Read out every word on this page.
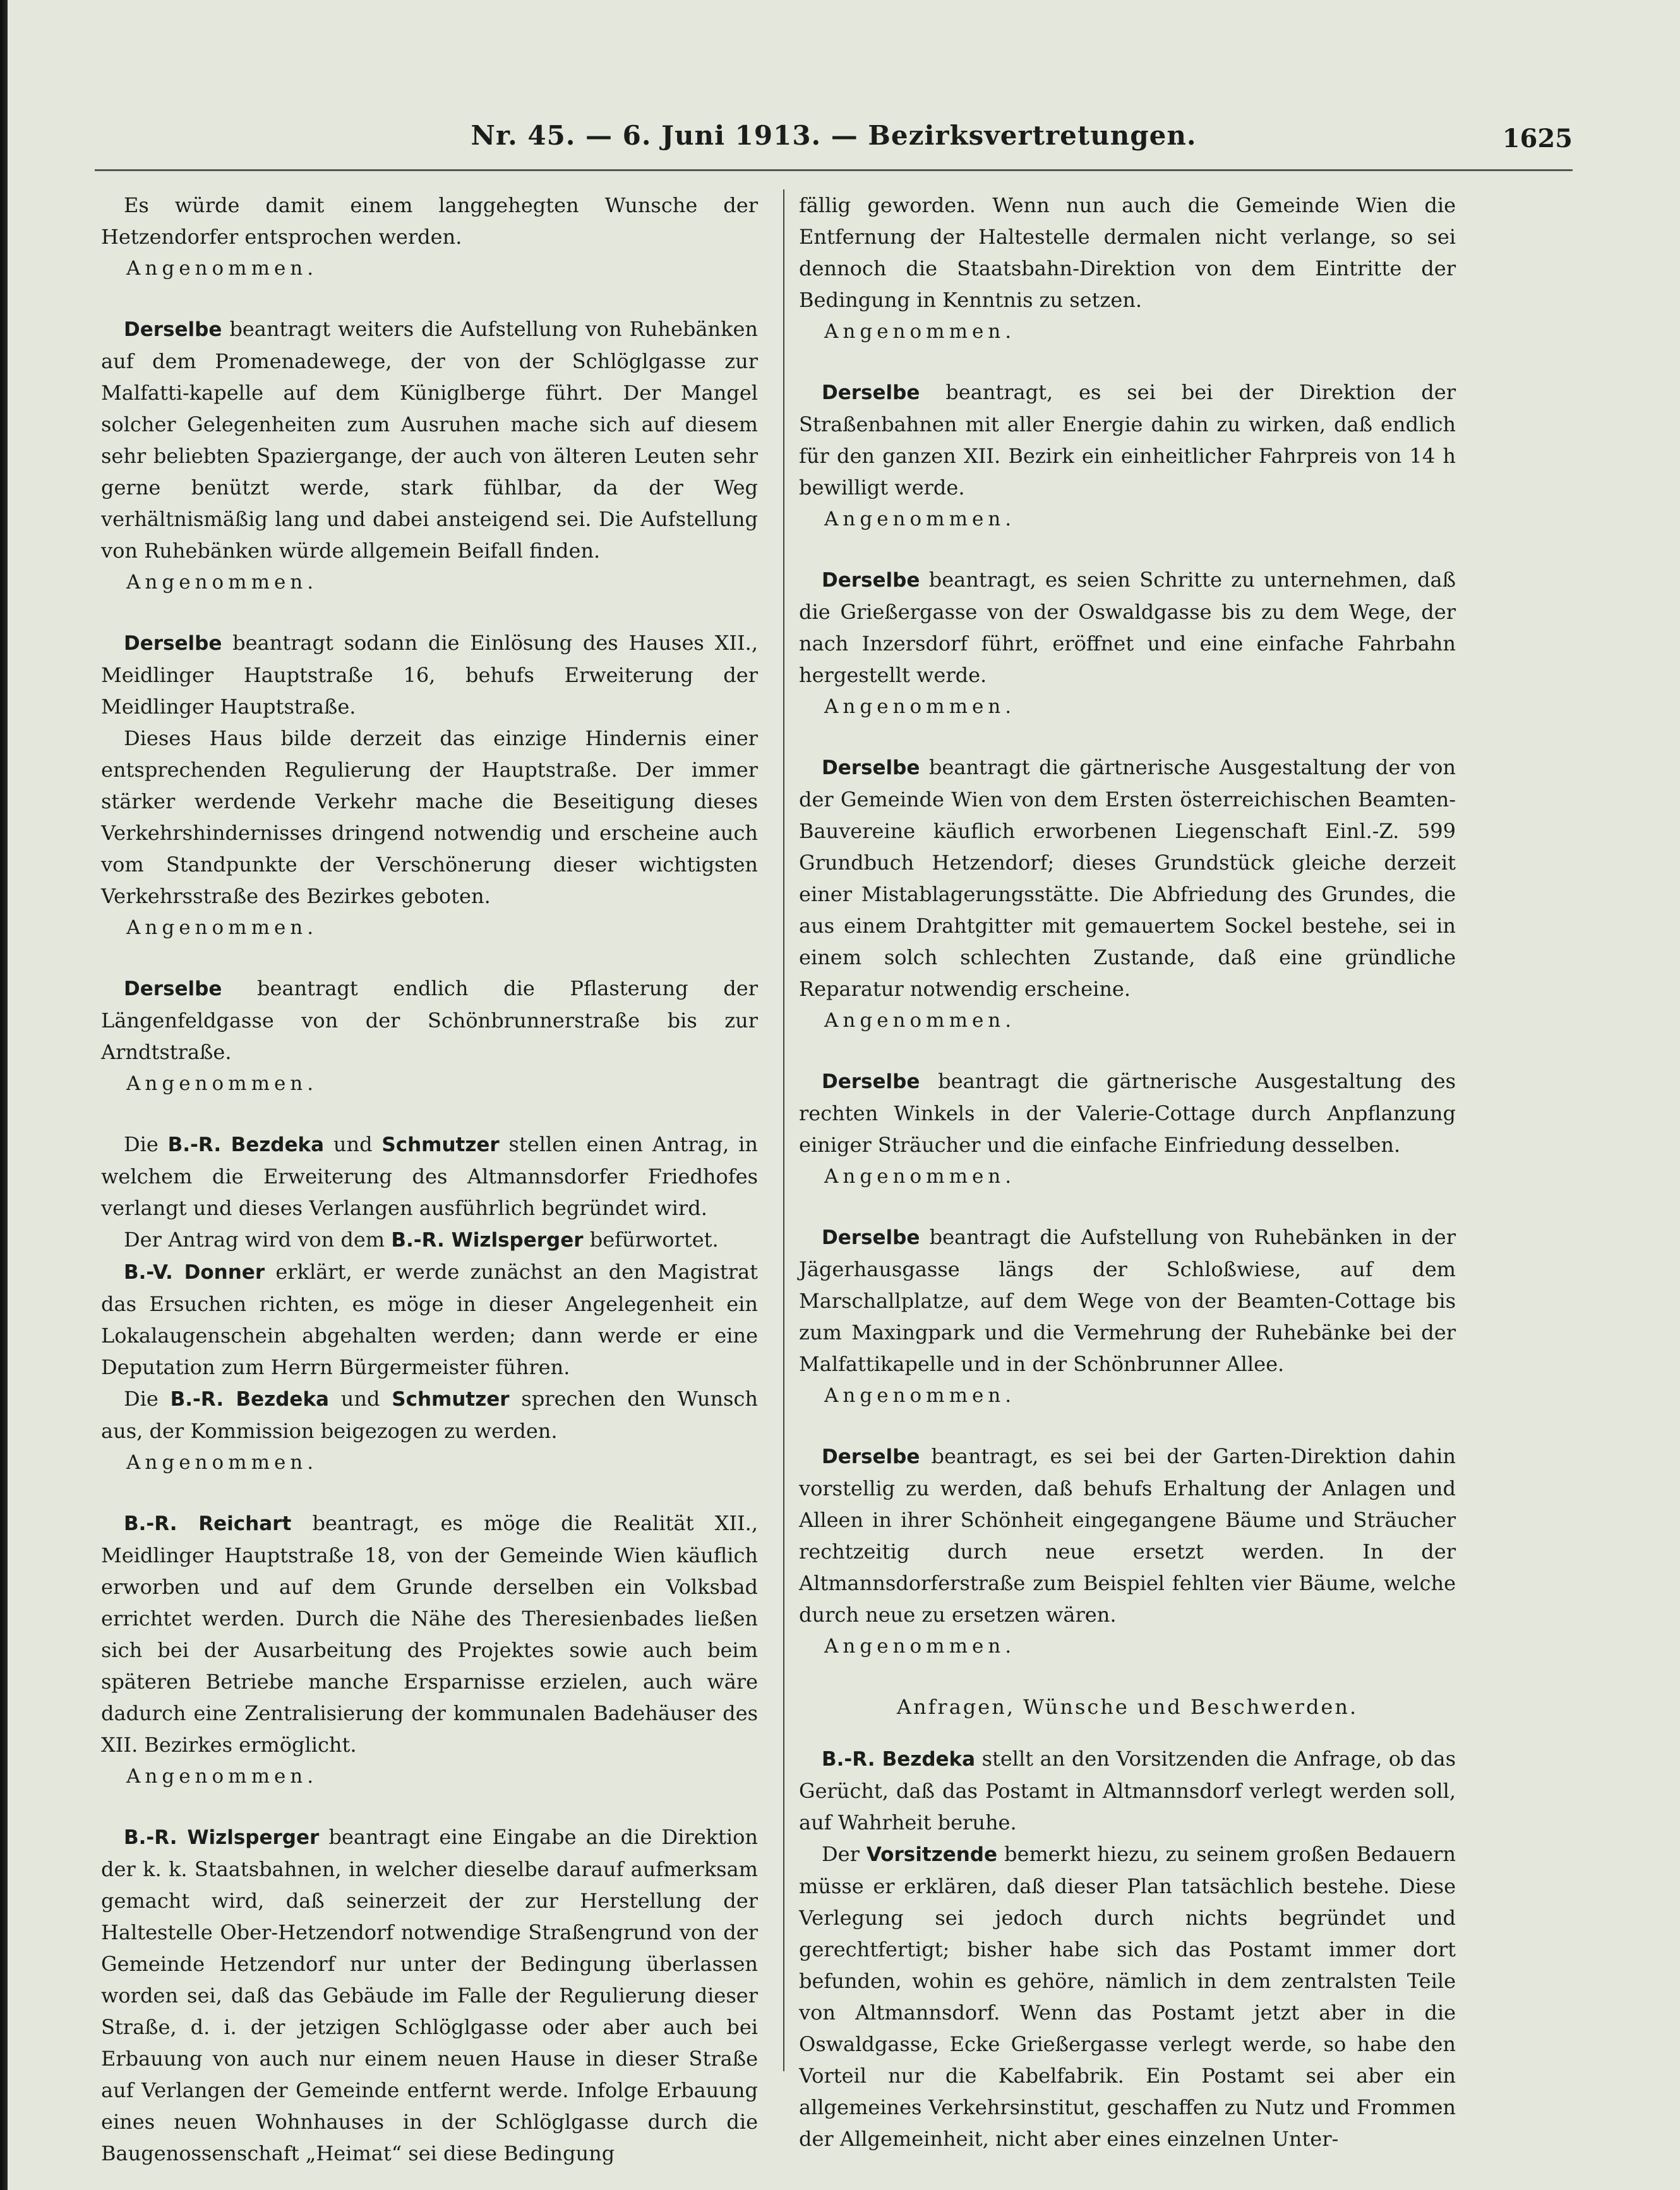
Nr. 45. — 6. Juni 1913. — Bezirksvertretungen.	1625

Es würde damit einem langgehegten Wunsche der Hetzendorfer entsprochen werden.

Angenommen.

Derselbe beantragt weiters die Aufstellung von Ruhebänken auf dem Promenadewege, der von der Schlöglgasse zur Malfatti-kapelle auf dem Küniglberge führt. Der Mangel solcher Gelegenheiten zum Ausruhen mache sich auf diesem sehr beliebten Spaziergange, der auch von älteren Leuten sehr gerne benützt werde, stark fühlbar, da der Weg verhältnismäßig lang und dabei ansteigend sei. Die Aufstellung von Ruhebänken würde allgemein Beifall finden.

Angenommen.

Derselbe beantragt sodann die Einlösung des Hauses XII., Meidlinger Hauptstraße 16, behufs Erweiterung der Meidlinger Hauptstraße.

Dieses Haus bilde derzeit das einzige Hindernis einer entsprechenden Regulierung der Hauptstraße. Der immer stärker werdende Verkehr mache die Beseitigung dieses Verkehrshindernisses dringend notwendig und erscheine auch vom Standpunkte der Verschönerung dieser wichtigsten Verkehrsstraße des Bezirkes geboten.

Angenommen.

Derselbe beantragt endlich die Pflasterung der Längenfeldgasse von der Schönbrunnerstraße bis zur Arndtstraße.

Angenommen.

Die B.-R. Bezdeka und Schmutzer stellen einen Antrag, in welchem die Erweiterung des Altmannsdorfer Friedhofes verlangt und dieses Verlangen ausführlich begründet wird.

Der Antrag wird von dem B.-R. Wizlsperger befürwortet.

B.-V. Donner erklärt, er werde zunächst an den Magistrat das Ersuchen richten, es möge in dieser Angelegenheit ein Lokalaugenschein abgehalten werden; dann werde er eine Deputation zum Herrn Bürgermeister führen.

Die B.-R. Bezdeka und Schmutzer sprechen den Wunsch aus, der Kommission beigezogen zu werden.

Angenommen.

B.-R. Reichart beantragt, es möge die Realität XII., Meidlinger Hauptstraße 18, von der Gemeinde Wien käuflich erworben und auf dem Grunde derselben ein Volksbad errichtet werden. Durch die Nähe des Theresienbades ließen sich bei der Ausarbeitung des Projektes sowie auch beim späteren Betriebe manche Ersparnisse erzielen, auch wäre dadurch eine Zentralisierung der kommunalen Badehäuser des XII. Bezirkes ermöglicht.

Angenommen.

B.-R. Wizlsperger beantragt eine Eingabe an die Direktion der k. k. Staatsbahnen, in welcher dieselbe darauf aufmerksam gemacht wird, daß seinerzeit der zur Herstellung der Haltestelle Ober-Hetzendorf notwendige Straßengrund von der Gemeinde Hetzendorf nur unter der Bedingung überlassen worden sei, daß das Gebäude im Falle der Regulierung dieser Straße, d. i. der jetzigen Schlöglgasse oder aber auch bei Erbauung von auch nur einem neuen Hause in dieser Straße auf Verlangen der Gemeinde entfernt werde. Infolge Erbauung eines neuen Wohnhauses in der Schlöglgasse durch die Baugenossenschaft „Heimat“ sei diese Bedingung

fällig geworden. Wenn nun auch die Gemeinde Wien die Entfernung der Haltestelle dermalen nicht verlange, so sei dennoch die Staatsbahn-Direktion von dem Eintritte der Bedingung in Kenntnis zu setzen.

Angenommen.

Derselbe beantragt, es sei bei der Direktion der Straßenbahnen mit aller Energie dahin zu wirken, daß endlich für den ganzen XII. Bezirk ein einheitlicher Fahrpreis von 14 h bewilligt werde.

Angenommen.

Derselbe beantragt, es seien Schritte zu unternehmen, daß die Grießergasse von der Oswaldgasse bis zu dem Wege, der nach Inzersdorf führt, eröffnet und eine einfache Fahrbahn hergestellt werde.

Angenommen.

Derselbe beantragt die gärtnerische Ausgestaltung der von der Gemeinde Wien von dem Ersten österreichischen Beamten-Bauvereine käuflich erworbenen Liegenschaft Einl.-Z. 599 Grundbuch Hetzendorf; dieses Grundstück gleiche derzeit einer Mistablagerungsstätte. Die Abfriedung des Grundes, die aus einem Drahtgitter mit gemauertem Sockel bestehe, sei in einem solch schlechten Zustande, daß eine gründliche Reparatur notwendig erscheine.

Angenommen.

Derselbe beantragt die gärtnerische Ausgestaltung des rechten Winkels in der Valerie-Cottage durch Anpflanzung einiger Sträucher und die einfache Einfriedung desselben.

Angenommen.

Derselbe beantragt die Aufstellung von Ruhebänken in der Jägerhausgasse längs der Schloßwiese, auf dem Marschallplatze, auf dem Wege von der Beamten-Cottage bis zum Maxingpark und die Vermehrung der Ruhebänke bei der Malfattikapelle und in der Schönbrunner Allee.

Angenommen.

Derselbe beantragt, es sei bei der Garten-Direktion dahin vorstellig zu werden, daß behufs Erhaltung der Anlagen und Alleen in ihrer Schönheit eingegangene Bäume und Sträucher rechtzeitig durch neue ersetzt werden. In der Altmannsdorferstraße zum Beispiel fehlten vier Bäume, welche durch neue zu ersetzen wären.

Angenommen.

Anfragen, Wünsche und Beschwerden.

B.-R. Bezdeka stellt an den Vorsitzenden die Anfrage, ob das Gerücht, daß das Postamt in Altmannsdorf verlegt werden soll, auf Wahrheit beruhe.

Der Vorsitzende bemerkt hiezu, zu seinem großen Bedauern müsse er erklären, daß dieser Plan tatsächlich bestehe. Diese Verlegung sei jedoch durch nichts begründet und gerechtfertigt; bisher habe sich das Postamt immer dort befunden, wohin es gehöre, nämlich in dem zentralsten Teile von Altmannsdorf. Wenn das Postamt jetzt aber in die Oswaldgasse, Ecke Grießergasse verlegt werde, so habe den Vorteil nur die Kabelfabrik. Ein Postamt sei aber ein allgemeines Verkehrsinstitut, geschaffen zu Nutz und Frommen der Allgemeinheit, nicht aber eines einzelnen Unter-
